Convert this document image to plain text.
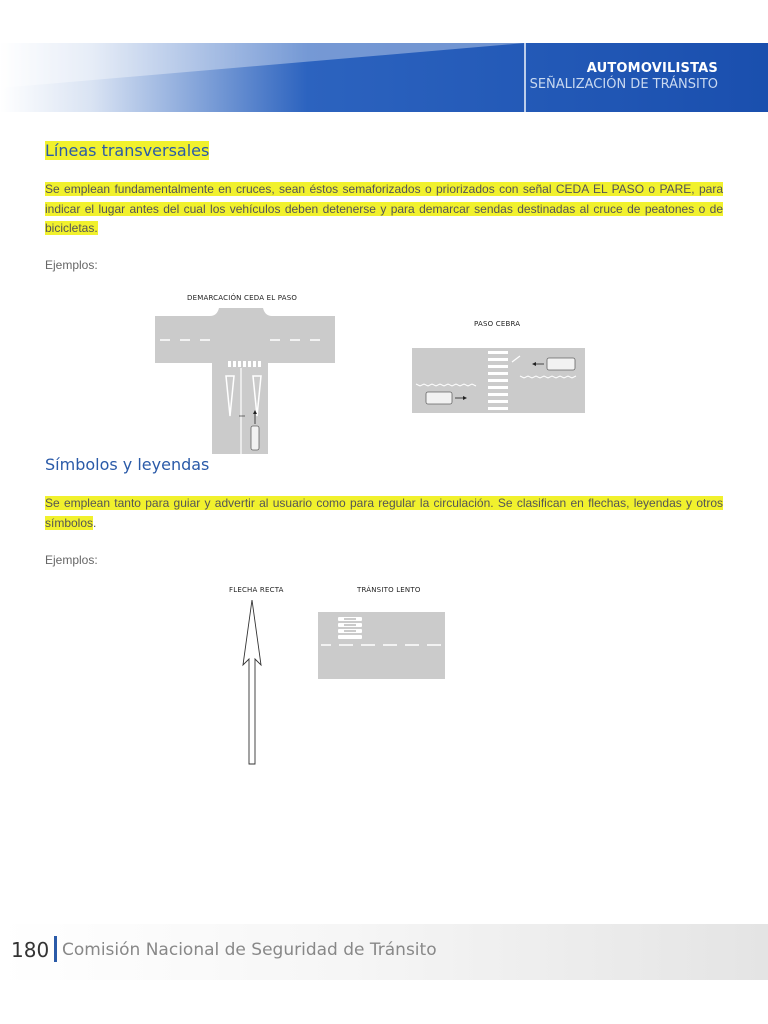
AUTOMOVILISTAS
SEÑALIZACIÓN DE TRÁNSITO
Líneas transversales
Se emplean fundamentalmente en cruces, sean éstos semaforizados o priorizados con señal CEDA EL PASO o PARE, para indicar el lugar antes del cual los vehículos deben detenerse y para demarcar sendas destinadas al cruce de peatones o de bicicletas.
Ejemplos:
DEMARCACIÓN CEDA EL PASO
PASO CEBRA
Símbolos y leyendas
Se emplean tanto para guiar y advertir al usuario como para regular la circulación. Se clasifican en flechas, leyendas y otros símbolos.
Ejemplos:
FLECHA RECTA	TRÁNSITO LENTO
180 Comisión Nacional de Seguridad de Tránsito
